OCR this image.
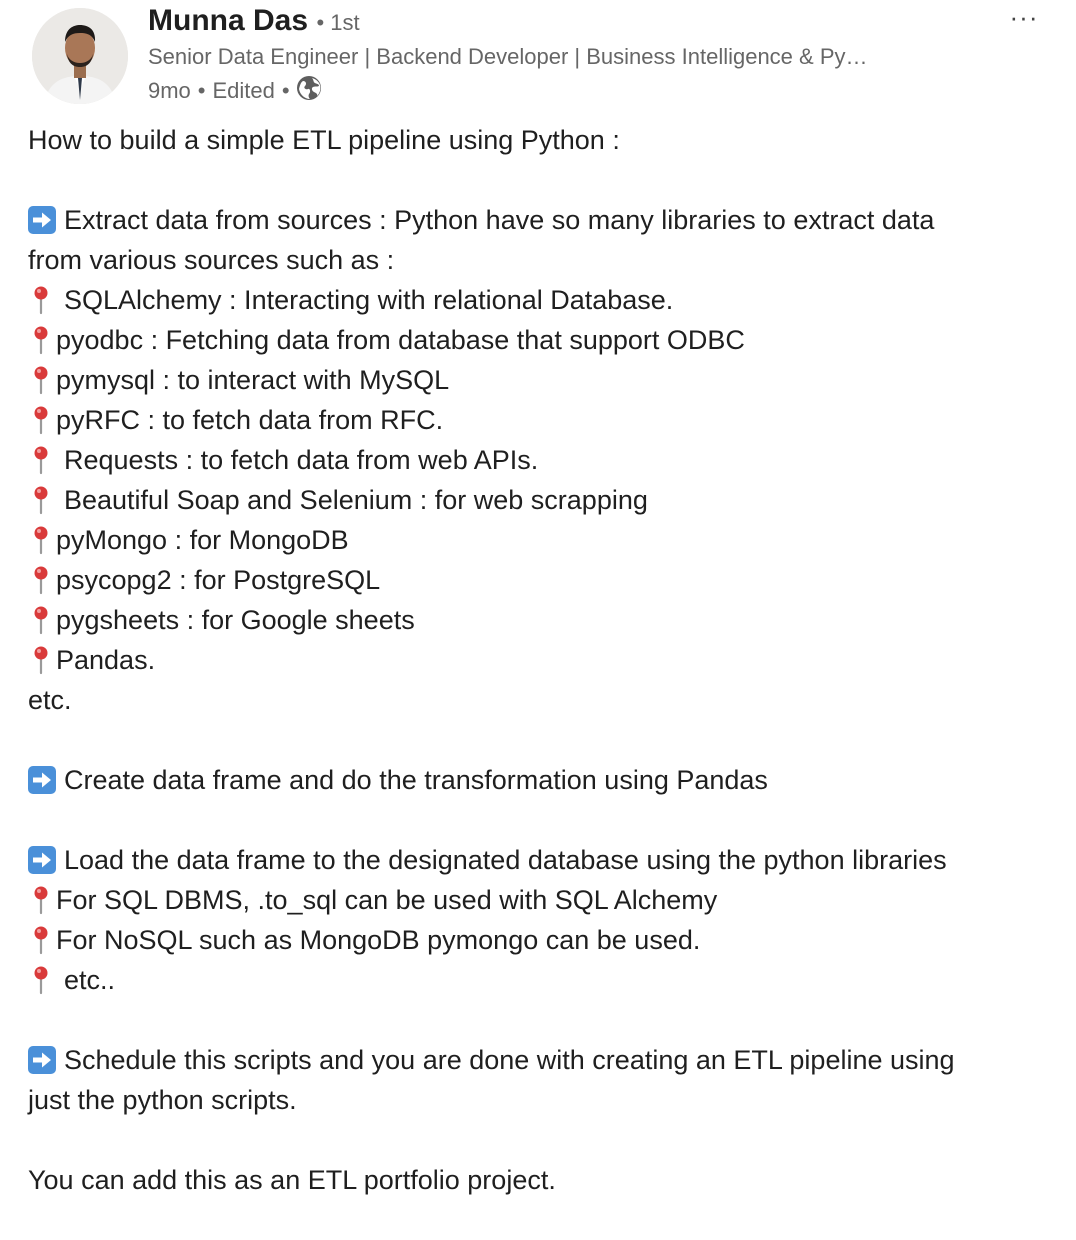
Munna Das • 1st
Senior Data Engineer | Backend Developer | Business Intelligence & Py…
9mo • Edited •
···
How to build a simple ETL pipeline using Python :
Extract data from sources : Python have so many libraries to extract data
from various sources such as :
SQLAlchemy : Interacting with relational Database.
pyodbc : Fetching data from database that support ODBC
pymysql : to interact with MySQL
pyRFC : to fetch data from RFC.
Requests : to fetch data from web APIs.
Beautiful Soap and Selenium : for web scrapping
pyMongo : for MongoDB
psycopg2 : for PostgreSQL
pygsheets : for Google sheets
Pandas.
etc.
Create data frame and do the transformation using Pandas
Load the data frame to the designated database using the python libraries
For SQL DBMS, .to_sql can be used with SQL Alchemy
For NoSQL such as MongoDB pymongo can be used.
etc..
Schedule this scripts and you are done with creating an ETL pipeline using
just the python scripts.
You can add this as an ETL portfolio project.
